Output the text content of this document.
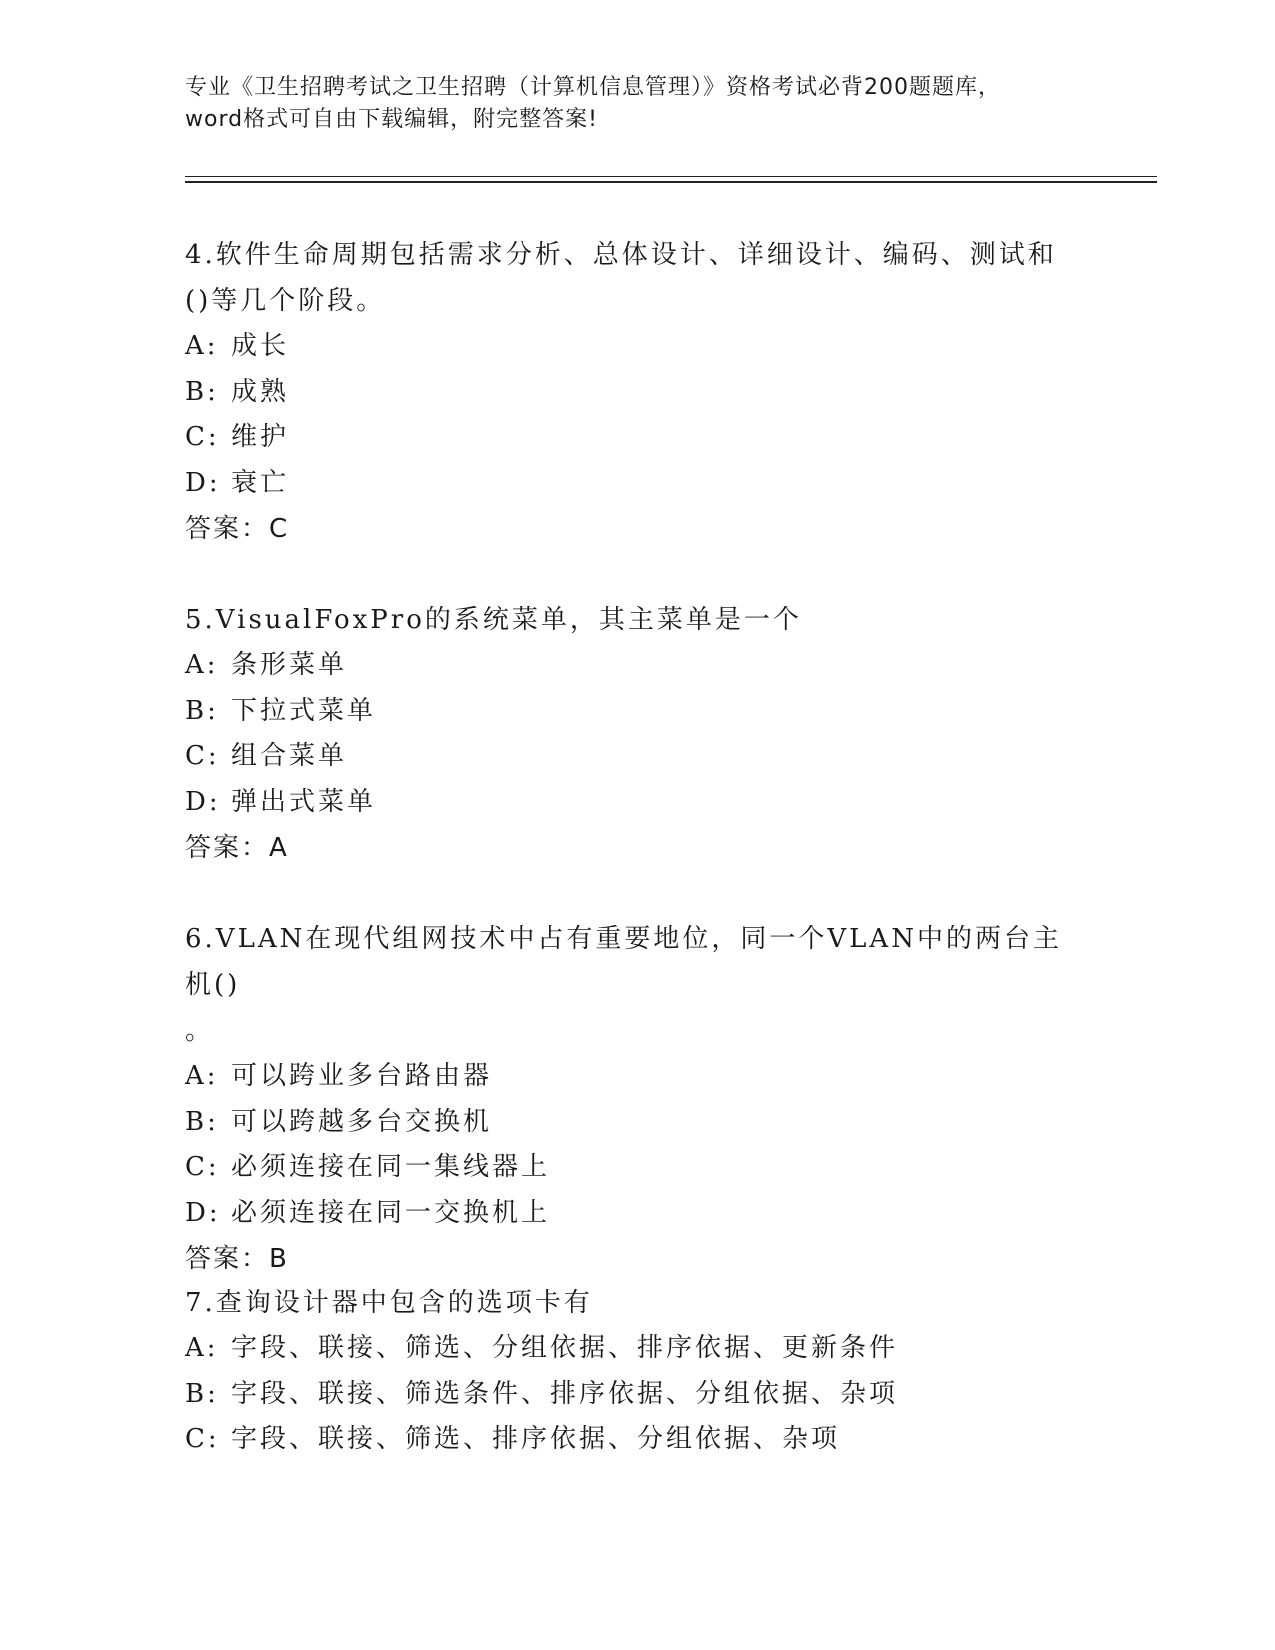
专业《卫生招聘考试之卫生招聘（计算机信息管理）》资格考试必背200题题库，
word格式可自由下载编辑，附完整答案!
4.软件生命周期包括需求分析、总体设计、详细设计、编码、测试和
()等几个阶段。
A: 成长
B: 成熟
C: 维护
D: 衰亡
答案：C
5.VisualFoxPro的系统菜单，其主菜单是一个
A: 条形菜单
B: 下拉式菜单
C: 组合菜单
D: 弹出式菜单
答案：A
6.VLAN在现代组网技术中占有重要地位，同一个VLAN中的两台主机()
。
A: 可以跨业多台路由器
B: 可以跨越多台交换机
C: 必须连接在同一集线器上
D: 必须连接在同一交换机上
答案：B
7.查询设计器中包含的选项卡有
A: 字段、联接、筛选、分组依据、排序依据、更新条件
B: 字段、联接、筛选条件、排序依据、分组依据、杂项
C: 字段、联接、筛选、排序依据、分组依据、杂项
